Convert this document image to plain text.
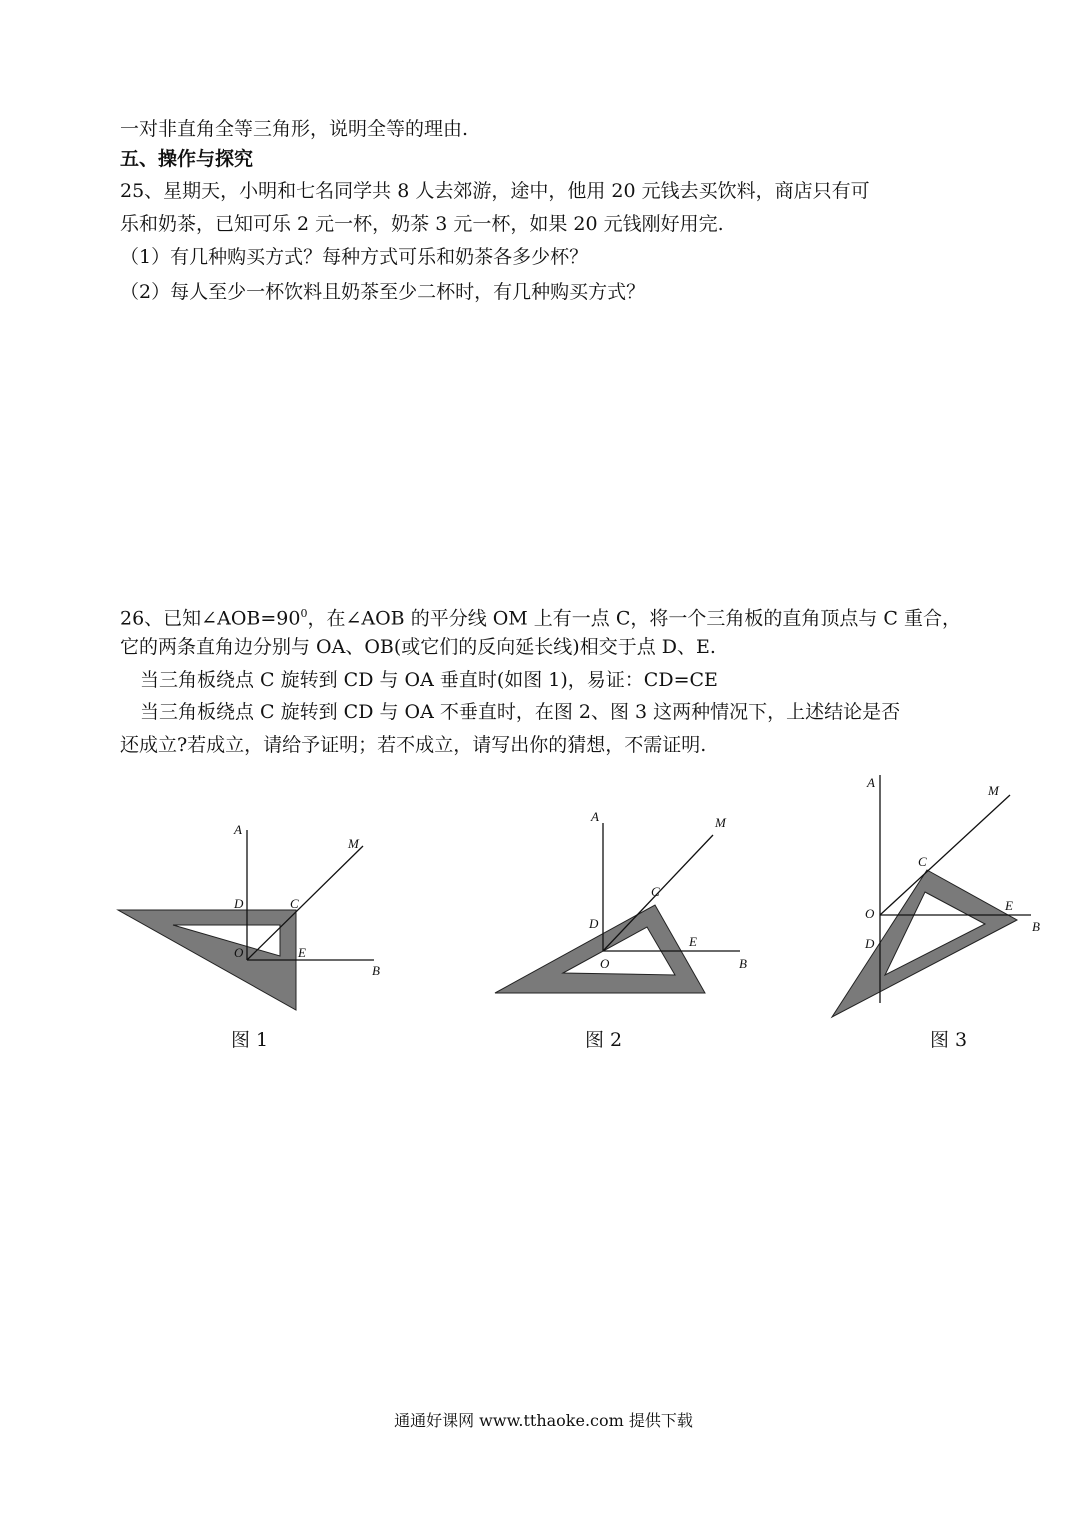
一对非直角全等三角形，说明全等的理由.
五、操作与探究
25、星期天，小明和七名同学共 8 人去郊游，途中，他用 20 元钱去买饮料，商店只有可
乐和奶茶，已知可乐 2 元一杯，奶茶 3 元一杯，如果 20 元钱刚好用完.
（1）有几种购买方式？每种方式可乐和奶茶各多少杯？
（2）每人至少一杯饮料且奶茶至少二杯时，有几种购买方式？
26、已知$\angle AOB=90^0$，在∠AOB 的平分线 OM 上有一点 C，将一个三角板的直角顶点与 C 重合，
它的两条直角边分别与 OA、OB(或它们的反向延长线)相交于点 D、E.
当三角板绕点 C 旋转到 CD 与 OA 垂直时(如图 1)，易证：CD=CE
当三角板绕点 C 旋转到 CD 与 OA 不垂直时，在图 2、图 3 这两种情况下，上述结论是否
还成立?若成立，请给予证明；若不成立，请写出你的猜想，不需证明.
A
M
D	C
O	E
B
图 1
A	M
C
D
E
O	B
图 2
A
M
C
O
E
B
D
图 3
通通好课网 www.tthaoke.com 提供下载
